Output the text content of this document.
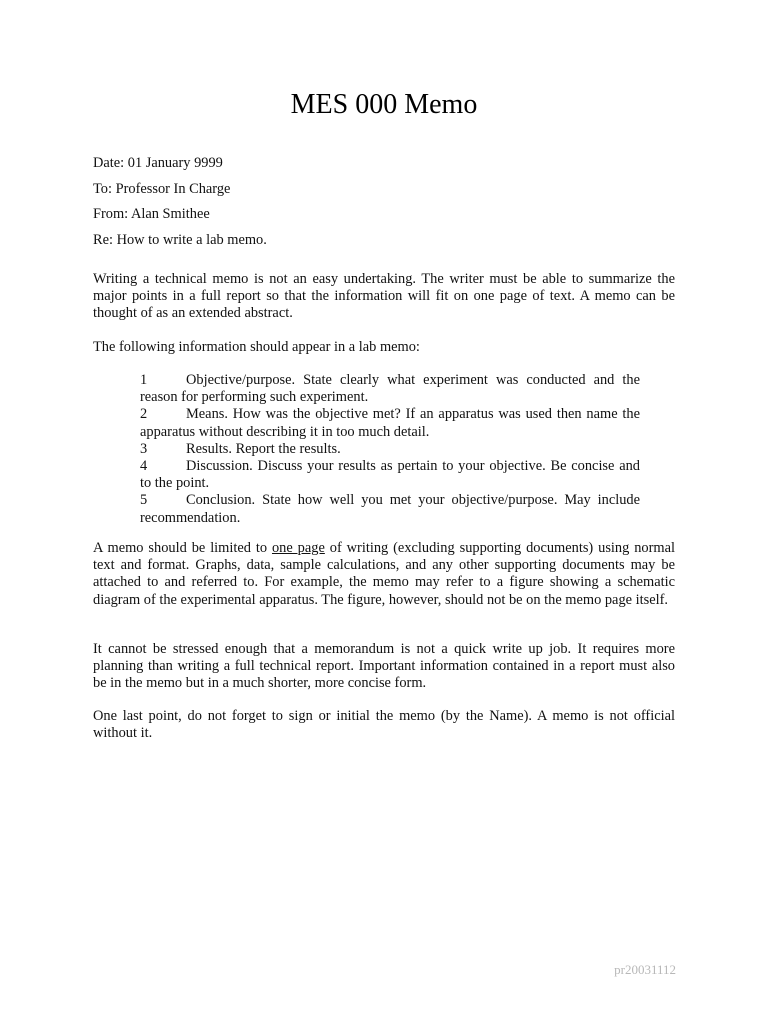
MES 000 Memo
Date: 01 January 9999
To: Professor In Charge
From: Alan Smithee
Re: How to write a lab memo.

Writing a technical memo is not an easy undertaking. The writer must be able to summarize the major points in a full report so that the information will fit on one page of text. A memo can be thought of as an extended abstract.

The following information should appear in a lab memo:

1	Objective/purpose. State clearly what experiment was conducted and the reason for performing such experiment.

2	Means. How was the objective met? If an apparatus was used then name the apparatus without describing it in too much detail.

3	Results. Report the results.

4	Discussion. Discuss your results as pertain to your objective. Be concise and to the point.

5	Conclusion. State how well you met your objective/purpose. May include recommendation.

A memo should be limited to one page of writing (excluding supporting documents) using normal text and format. Graphs, data, sample calculations, and any other supporting documents may be attached to and referred to. For example, the memo may refer to a figure showing a schematic diagram of the experimental apparatus. The figure, however, should not be on the memo page itself.

It cannot be stressed enough that a memorandum is not a quick write up job. It requires more planning than writing a full technical report. Important information contained in a report must also be in the memo but in a much shorter, more concise form.

One last point, do not forget to sign or initial the memo (by the Name). A memo is not official without it.

pr20031112
